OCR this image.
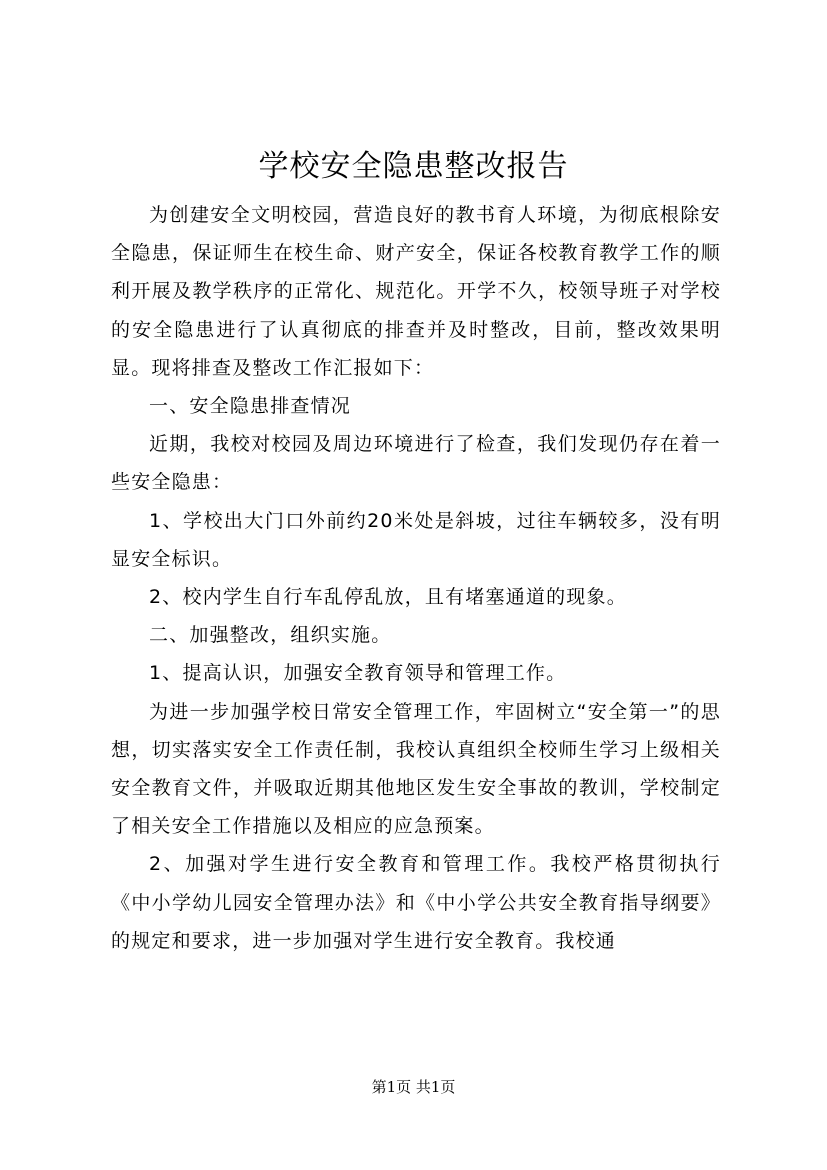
学校安全隐患整改报告

为创建安全文明校园，营造良好的教书育人环境，为彻底根除安全隐患，保证师生在校生命、财产安全，保证各校教育教学工作的顺利开展及教学秩序的正常化、规范化。开学不久，校领导班子对学校的安全隐患进行了认真彻底的排查并及时整改，目前，整改效果明显。现将排查及整改工作汇报如下：

一、安全隐患排查情况

近期，我校对校园及周边环境进行了检查，我们发现仍存在着一些安全隐患：

1、学校出大门口外前约20米处是斜坡，过往车辆较多，没有明显安全标识。

2、校内学生自行车乱停乱放，且有堵塞通道的现象。

二、加强整改，组织实施。

1、提高认识，加强安全教育领导和管理工作。

为进一步加强学校日常安全管理工作，牢固树立“安全第一”的思想，切实落实安全工作责任制，我校认真组织全校师生学习上级相关安全教育文件，并吸取近期其他地区发生安全事故的教训，学校制定了相关安全工作措施以及相应的应急预案。

2、加强对学生进行安全教育和管理工作。我校严格贯彻执行《中小学幼儿园安全管理办法》和《中小学公共安全教育指导纲要》的规定和要求，进一步加强对学生进行安全教育。我校通

第1页 共1页
